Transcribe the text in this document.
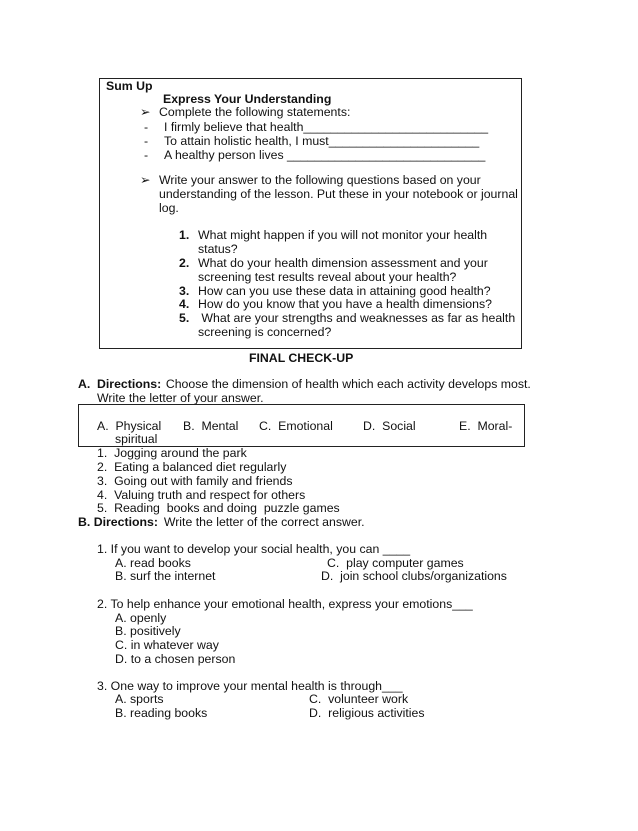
Sum Up
Express Your Understanding
➢ Complete the following statements:
- I firmly believe that health___________________________
- To attain holistic health, I must______________________
- A healthy person lives _____________________________
➢ Write your answer to the following questions based on your
understanding of the lesson. Put these in your notebook or journal
log.
1. What might happen if you will not monitor your health
status?
2. What do your health dimension assessment and your
screening test results reveal about your health?
3. How can you use these data in attaining good health?
4. How do you know that you have a health dimensions?
5. What are your strengths and weaknesses as far as health
screening is concerned?
FINAL CHECK-UP
A. Directions:
Choose the dimension of health which each activity develops most.
Write the letter of your answer.
A.  Physical B.  Mental C.  Emotional D.  Social	E.  Moral-
spiritual
1.  Jogging around the park
2.  Eating a balanced diet regularly
3.  Going out with family and friends
4.  Valuing truth and respect for others
5.  Reading  books and doing  puzzle games
B. Directions: Write the letter of the correct answer.
1. If you want to develop your social health, you can ____
A. read books	C.  play computer games
B. surf the internet	D.  join school clubs/organizations
2. To help enhance your emotional health, express your emotions___
A. openly
B. positively
C. in whatever way
D. to a chosen person
3. One way to improve your mental health is through___
A. sports	C.  volunteer work
B. reading books	D.  religious activities
